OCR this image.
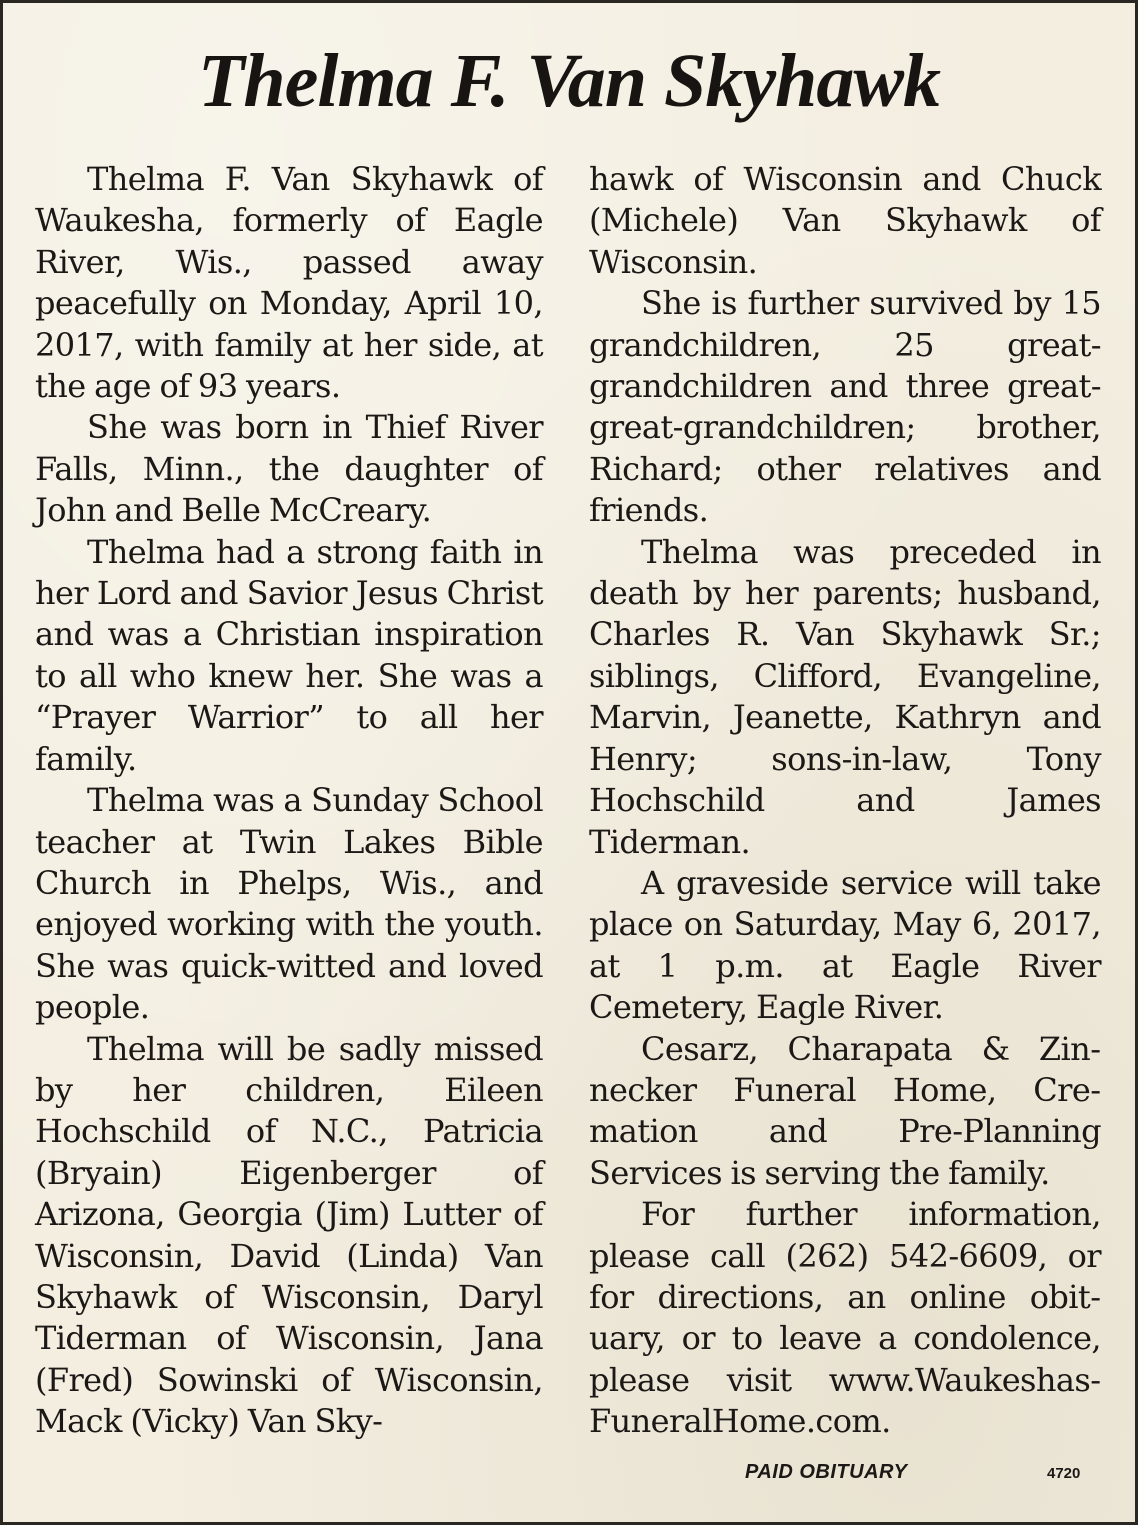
Thelma F. Van Skyhawk

Thelma F. Van Skyhawk of Waukesha, formerly of Eagle River, Wis., passed away peacefully on Monday, April 10, 2017, with family at her side, at the age of 93 years.

She was born in Thief River Falls, Minn., the daughter of John and Belle McCreary.

Thelma had a strong faith in her Lord and Savior Jesus Christ and was a Christian inspiration to all who knew her. She was a “Prayer Warrior” to all her family.

Thelma was a Sunday School teacher at Twin Lakes Bible Church in Phelps, Wis., and enjoyed working with the youth. She was quick-witted and loved people.

Thelma will be sadly missed by her children, Eileen Hochschild of N.C., Patricia (Bryain) Eigenberger of Arizona, Georgia (Jim) Lutter of Wisconsin, David (Linda) Van Skyhawk of Wisconsin, Daryl Tiderman of Wisconsin, Jana (Fred) Sowinski of Wisconsin, Mack (Vicky) Van Sky-

hawk of Wisconsin and Chuck (Michele) Van Skyhawk of Wisconsin.

She is further survived by 15 grandchildren, 25 great-grandchildren and three great-great-grandchildren; brother, Richard; other relatives and friends.

Thelma was preceded in death by her parents; husband, Charles R. Van Skyhawk Sr.; siblings, Clifford, Evangeline, Marvin, Jeanette, Kathryn and Henry; sons-in-law, Tony Hochschild and James Tiderman.

A graveside service will take place on Saturday, May 6, 2017, at 1 p.m. at Eagle River Cemetery, Eagle River.

Cesarz, Charapata & Zinnecker Funeral Home, Cremation and Pre-Planning Services is serving the family.

For further information, please call (262) 542-6609, or for directions, an online obituary, or to leave a condolence, please visit www.WaukeshasFuneralHome.com.

PAID OBITUARY	4720
